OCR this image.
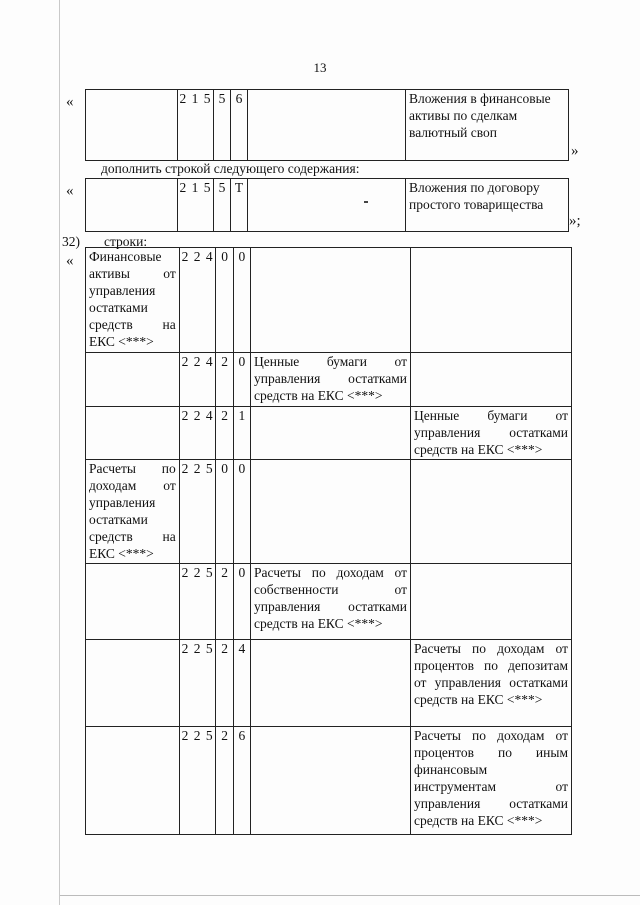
13
«
		2 1 5	5	6		Вложения в финансовые активы по сделкам валютный своп
»
дополнить строкой следующего содержания:
«
		2 1 5	5	Т		Вложения по договору простого товарищества
»;
32) строки:
« Финансовые активы от управления остатками средств на ЕКС <***>	2 2 4	0	0		
	2 2 4	2	0	Ценные бумаги от управления остатками средств на ЕКС <***>	
	2 2 4	2	1		Ценные бумаги от управления остатками средств на ЕКС <***>
Расчеты по доходам от управления остатками средств на ЕКС <***>	2 2 5	0	0		
	2 2 5	2	0	Расчеты по доходам от собственности от управления остатками средств на ЕКС <***>	
	2 2 5	2	4		Расчеты по доходам от процентов по депозитам от управления остатками средств на ЕКС <***>
	2 2 5	2	6		Расчеты по доходам от процентов по иным финансовым инструментам от управления остатками средств на ЕКС <***>
